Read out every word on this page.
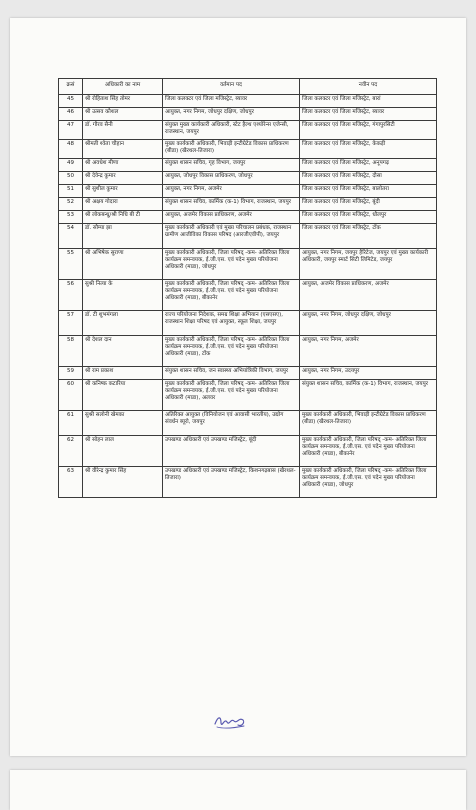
क्रसं	अधिकारी का नाम	वर्तमान पद	नवीन पद
45	श्री रोहिताश सिंह तोमर	जिला कलक्टर एवं जिला मजिस्ट्रेट, ब्यावर	जिला कलक्टर एवं जिला मजिस्ट्रेट, बारां
46	श्री उत्सव कौशल	आयुक्त, नगर निगम, जोधपुर दक्षिण, जोधपुर	जिला कलक्टर एवं जिला मजिस्ट्रेट, ब्यावर
47	डॉ. गौरव सैनी	संयुक्त मुख्य कार्यकारी अधिकारी, स्टेट हैल्थ एश्योरेन्स एजेन्सी, राजस्थान, जयपुर	जिला कलक्टर एवं जिला मजिस्ट्रेट, गंगापुरसिटी
48	श्रीमती श्वेता चौहान	मुख्य कार्यकारी अधिकारी, भिवाड़ी इन्टीग्रेटेड विकास प्राधिकरण (बीडा) (खैरथल-तिजारा)	जिला कलक्टर एवं जिला मजिस्ट्रेट, केकड़ी
49	श्री अवधेश मीणा	संयुक्त शासन सचिव, गृह विभाग, जयपुर	जिला कलक्टर एवं जिला मजिस्ट्रेट, अनूपगढ़
50	श्री देवेन्द्र कुमार	आयुक्त, जोधपुर विकास प्राधिकरण, जोधपुर	जिला कलक्टर एवं जिला मजिस्ट्रेट, दौसा
51	श्री सुशील कुमार	आयुक्त, नगर निगम, अजमेर	जिला कलक्टर एवं जिला मजिस्ट्रेट, बालोतरा
52	श्री अक्षय गोदारा	संयुक्त शासन सचिव, कार्मिक (क-1) विभाग, राजस्थान, जयपुर	जिला कलक्टर एवं जिला मजिस्ट्रेट, बूंदी
53	श्री लोकबन्धु/श्री निधि बी टी	आयुक्त, अजमेर विकास प्राधिकरण, अजमेर	जिला कलक्टर एवं जिला मजिस्ट्रेट, धौलपुर
54	डॉ. सौम्या झा	मुख्य कार्यकारी अधिकारी एवं मुख्य परिचालन प्रबंधक, राजस्थान ग्रामीण आजीविका विकास परिषद (आरजीएवीपी), जयपुर	जिला कलक्टर एवं जिला मजिस्ट्रेट, टोंक
55	श्री अभिषेक सुराणा	मुख्य कार्यकारी अधिकारी, जिला परिषद् -कम- अतिरिक्त जिला कार्यक्रम समन्वयक, ई.जी.एस. एवं पदेन मुख्य परियोजना अधिकारी (माडा), जोधपुर	आयुक्त, नगर निगम, जयपुर हैरिटेज, जयपुर एवं मुख्य कार्यकारी अधिकारी, जयपुर स्मार्ट सिटी लिमिटेड, जयपुर
56	सुश्री नित्या के	मुख्य कार्यकारी अधिकारी, जिला परिषद् -कम- अतिरिक्त जिला कार्यक्रम समन्वयक, ई.जी.एस. एवं पदेन मुख्य परियोजना अधिकारी (माडा), बीकानेर	आयुक्त, अजमेर विकास प्राधिकरण, अजमेर
57	डॉ. टी शुभमंगला	राज्य परियोजना निदेशक, समग्र शिक्षा अभियान (एसएसए), राजस्थान शिक्षा परिषद एवं आयुक्त, स्कूल शिक्षा, जयपुर	आयुक्त, नगर निगम, जोधपुर दक्षिण, जोधपुर
58	श्री देशल दान	मुख्य कार्यकारी अधिकारी, जिला परिषद् -कम- अतिरिक्त जिला कार्यक्रम समन्वयक, ई.जी.एस. एवं पदेन मुख्य परियोजना अधिकारी (माडा), टोंक	आयुक्त, नगर निगम, अजमेर
59	श्री राम प्रकाश	संयुक्त शासन सचिव, जन स्वास्थ्य अभियांत्रिकी विभाग, जयपुर	आयुक्त, नगर निगम, उदयपुर
60	श्री कनिष्क कटारिया	मुख्य कार्यकारी अधिकारी, जिला परिषद् -कम- अतिरिक्त जिला कार्यक्रम समन्वयक, ई.जी.एस. एवं पदेन मुख्य परियोजना अधिकारी (माडा), अलवर	संयुक्त शासन सचिव, कार्मिक (क-1) विभाग, राजस्थान, जयपुर
61	सुश्री सलोनी खेमका	अतिरिक्त आयुक्त (विनियोजन एवं आवासी भारतीय), उद्योग संवर्धन ब्यूरो, जयपुर	मुख्य कार्यकारी अधिकारी, भिवाड़ी इन्टीग्रेटेड विकास प्राधिकरण (बीडा) (खैरथल-तिजारा)
62	श्री सोहन लाल	उपखण्ड अधिकारी एवं उपखण्ड मजिस्ट्रेट, बूंदी	मुख्य कार्यकारी अधिकारी, जिला परिषद् -कम- अतिरिक्त जिला कार्यक्रम समन्वयक, ई.जी.एस. एवं पदेन मुख्य परियोजना अधिकारी (माडा), बीकानेर
63	श्री वीरेन्द्र कुमार सिंह	उपखण्ड अधिकारी एवं उपखण्ड मजिस्ट्रेट, किशनगढ़बास (खैरथल-तिजारा)	मुख्य कार्यकारी अधिकारी, जिला परिषद् -कम- अतिरिक्त जिला कार्यक्रम समन्वयक, ई.जी.एस. एवं पदेन मुख्य परियोजना अधिकारी (माडा), जोधपुर
